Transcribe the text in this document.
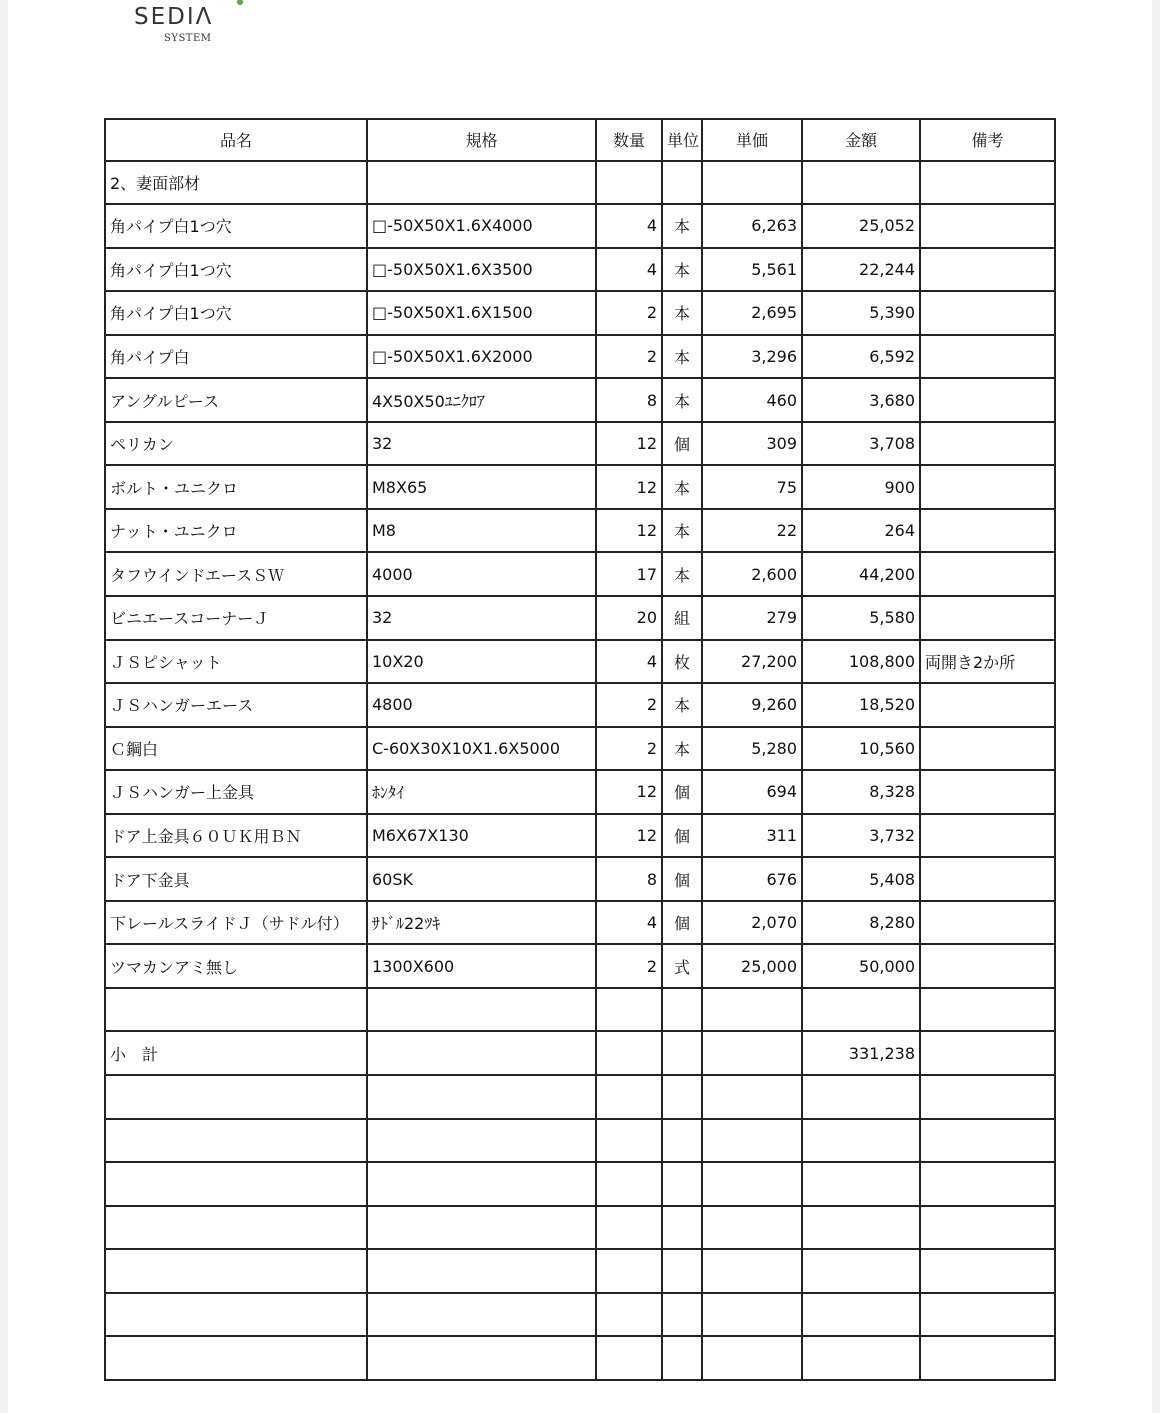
SEDIΛ
SYSTEM
品名	規格	数量	単位	単価	金額	備考
2、妻面部材						
角パイプ白1つ穴	□-50X50X1.6X4000	4	本	6,263	25,052	
角パイプ白1つ穴	□-50X50X1.6X3500	4	本	5,561	22,244	
角パイプ白1つ穴	□-50X50X1.6X1500	2	本	2,695	5,390	
角パイプ白	□-50X50X1.6X2000	2	本	3,296	6,592	
アングルピース	4X50X50ﾕﾆｸﾛｱ	8	本	460	3,680	
ペリカン	32	12	個	309	3,708	
ボルト・ユニクロ	M8X65	12	本	75	900	
ナット・ユニクロ	M8	12	本	22	264	
タフウインドエースＳＷ	4000	17	本	2,600	44,200	
ビニエースコーナーＪ	32	20	組	279	5,580	
ＪＳピシャット	10X20	4	枚	27,200	108,800	両開き2か所
ＪＳハンガーエース	4800	2	本	9,260	18,520	
Ｃ鋼白	C-60X30X10X1.6X5000	2	本	5,280	10,560	
ＪＳハンガー上金具	ﾎﾝﾀｲ	12	個	694	8,328	
ドア上金具６０ＵＫ用ＢＮ	M6X67X130	12	個	311	3,732	
ドア下金具	60SK	8	個	676	5,408	
下レールスライドＪ（サドル付）	ｻﾄﾞﾙ22ﾂｷ	4	個	2,070	8,280	
ツマカンアミ無し	1300X600	2	式	25,000	50,000	

小　計					331,238	
